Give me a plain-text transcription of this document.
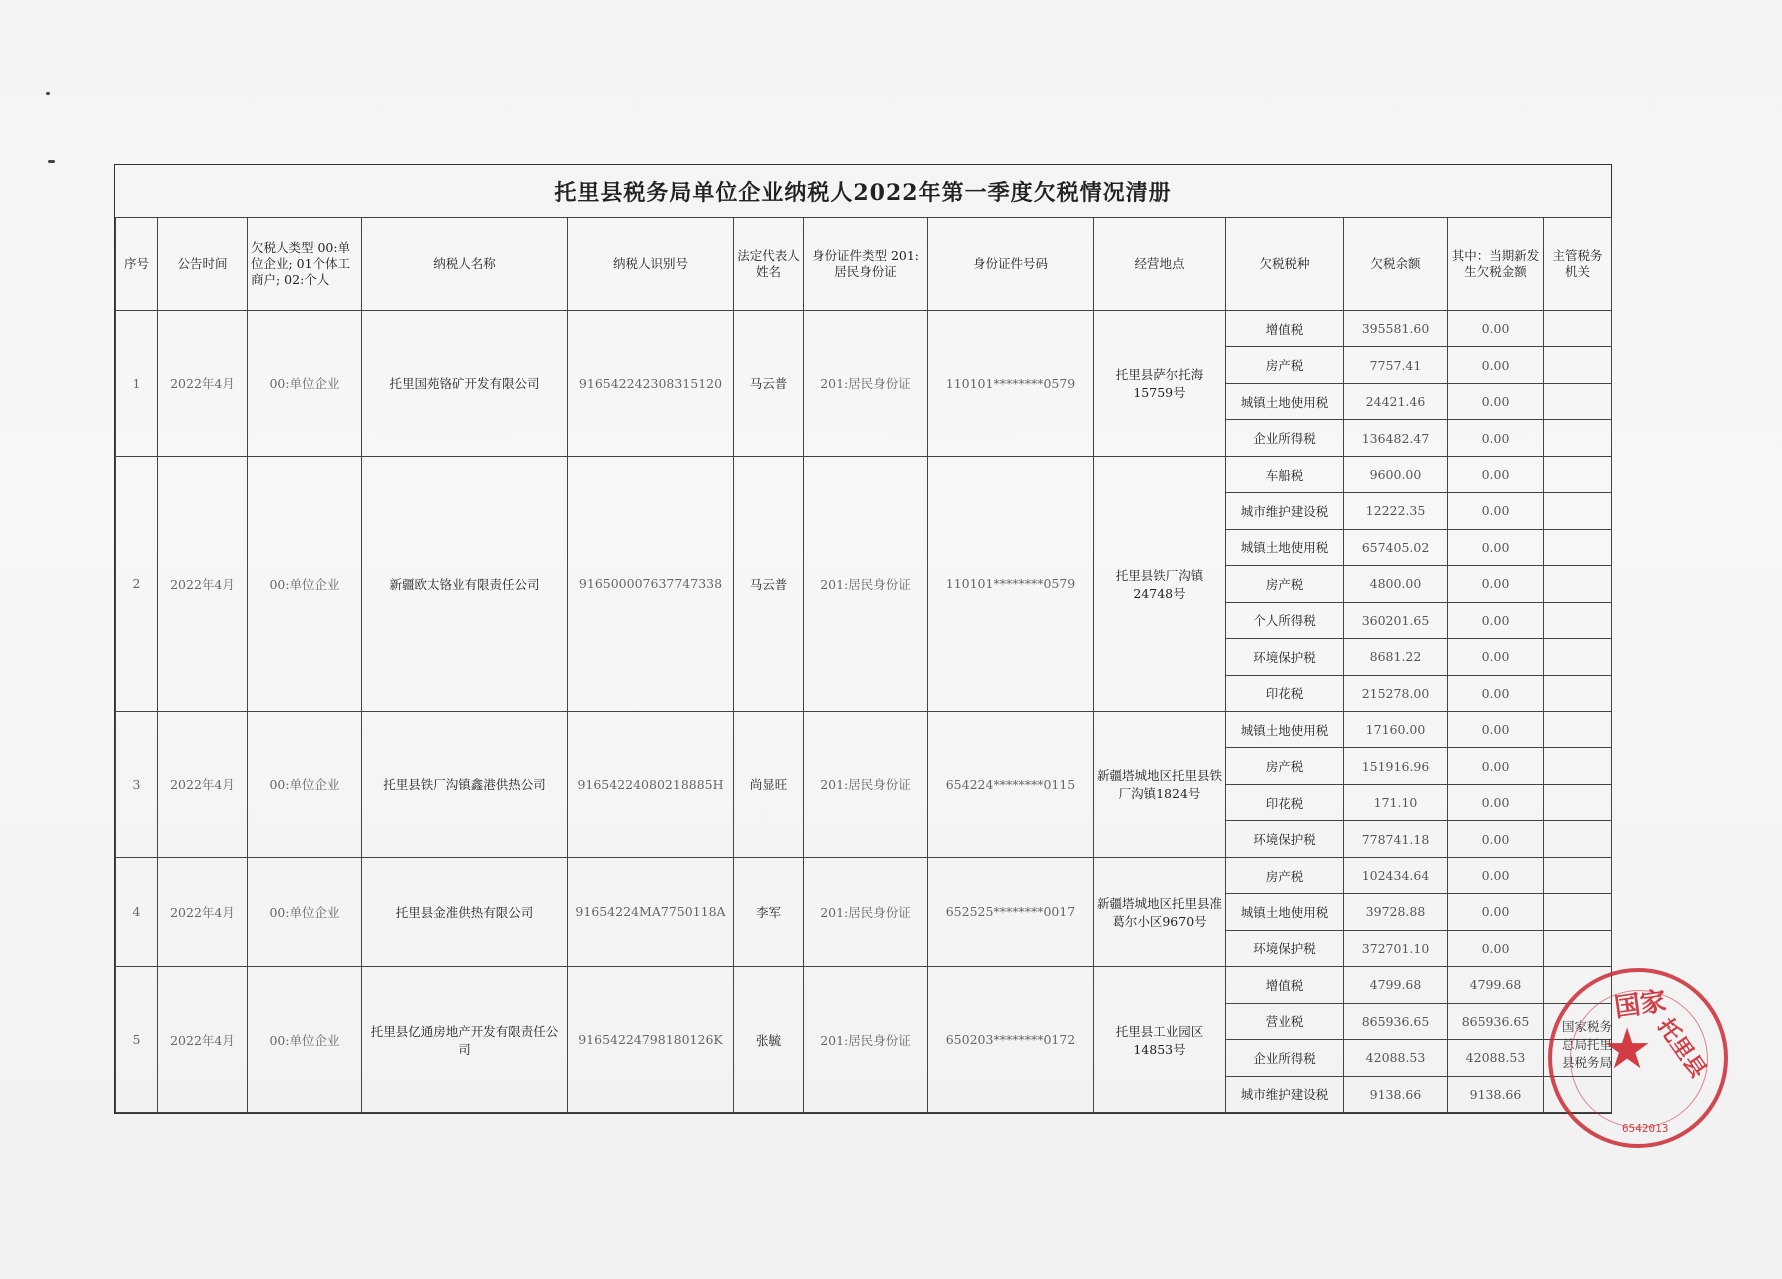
托里县税务局单位企业纳税人2022年第一季度欠税情况清册
序号	公告时间	欠税人类型 00:单位企业; 01个体工商户; 02:个人	纳税人名称	纳税人识别号	法定代表人姓名	身份证件类型 201:居民身份证	身份证件号码	经营地点	欠税税种	欠税余额	其中：当期新发生欠税金额	主管税务机关
1	2022年4月	00:单位企业	托里国苑铬矿开发有限公司	916542242308315120	马云普	201:居民身份证	110101********0579	托里县萨尔托海15759号	增值税	395581.60	0.00	
									房产税	7757.41	0.00	
									城镇土地使用税	24421.46	0.00	
									企业所得税	136482.47	0.00	
2	2022年4月	00:单位企业	新疆欧太铬业有限责任公司	916500007637747338	马云普	201:居民身份证	110101********0579	托里县铁厂沟镇24748号	车船税	9600.00	0.00	
									城市维护建设税	12222.35	0.00	
									城镇土地使用税	657405.02	0.00	
									房产税	4800.00	0.00	
									个人所得税	360201.65	0.00	
									环境保护税	8681.22	0.00	
									印花税	215278.00	0.00	
3	2022年4月	00:单位企业	托里县铁厂沟镇鑫港供热公司	91654224080218885H	尚显旺	201:居民身份证	654224********0115	新疆塔城地区托里县铁厂沟镇1824号	城镇土地使用税	17160.00	0.00	
									房产税	151916.96	0.00	
									印花税	171.10	0.00	
									环境保护税	778741.18	0.00	
4	2022年4月	00:单位企业	托里县金准供热有限公司	91654224MA7750118A	李军	201:居民身份证	652525********0017	新疆塔城地区托里县准葛尔小区9670号	房产税	102434.64	0.00	
									城镇土地使用税	39728.88	0.00	
									环境保护税	372701.10	0.00	
5	2022年4月	00:单位企业	托里县亿通房地产开发有限责任公司	91654224798180126K	张毓	201:居民身份证	650203********0172	托里县工业园区14853号	增值税	4799.68	4799.68	
									营业税	865936.65	865936.65	
									企业所得税	42088.53	42088.53	
									城市维护建设税	9138.66	9138.66	
国家税务总局托里县税务局
国家
托里县
★
6542013
